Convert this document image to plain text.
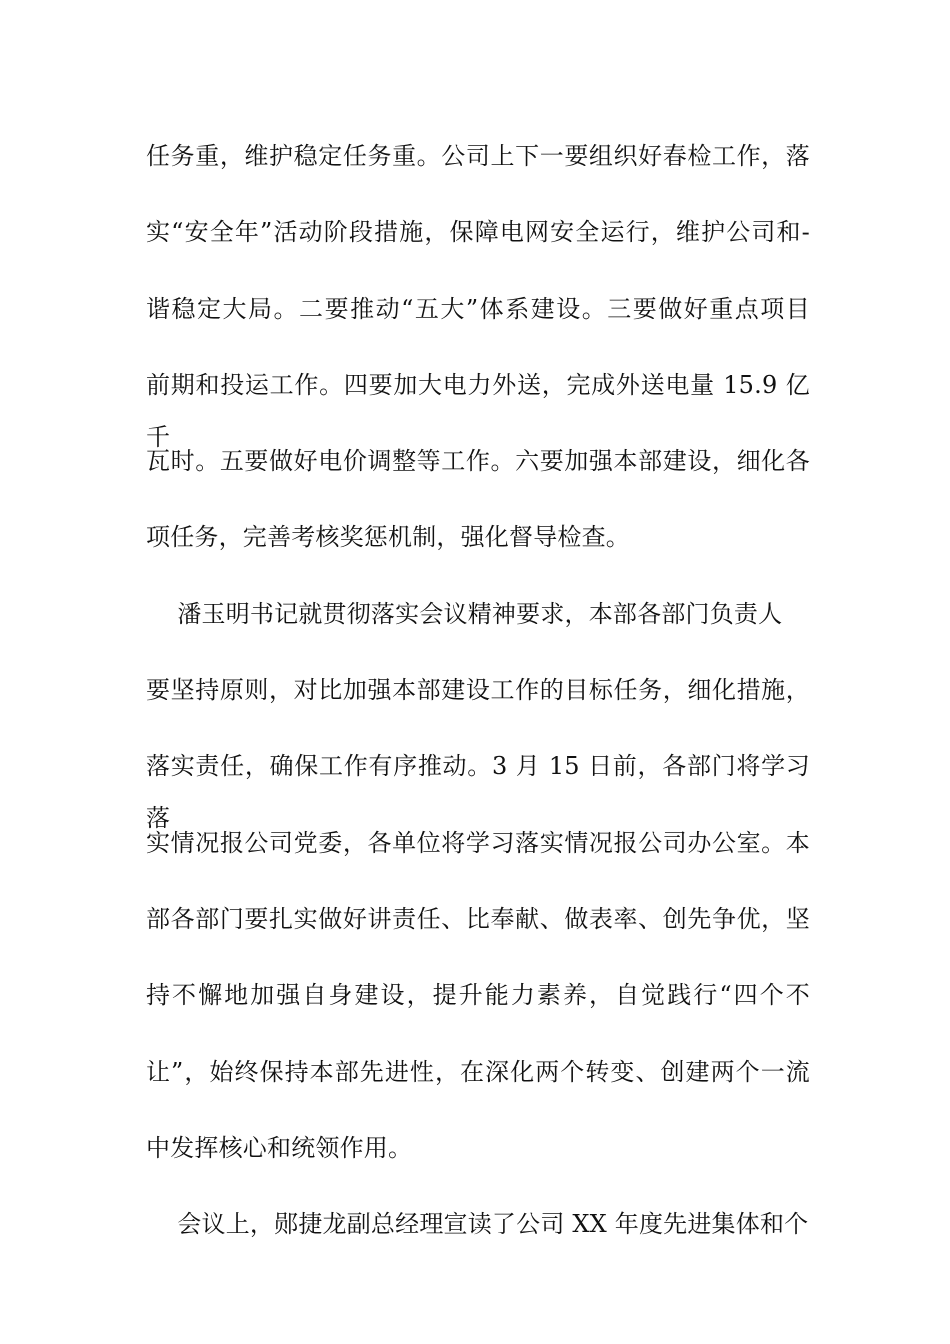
任务重，维护稳定任务重。公司上下一要组织好春检工作，落
实“安全年”活动阶段措施，保障电网安全运行，维护公司和-
谐稳定大局。二要推动“五大”体系建设。三要做好重点项目
前期和投运工作。四要加大电力外送，完成外送电量 15.9 亿千
瓦时。五要做好电价调整等工作。六要加强本部建设，细化各
项任务，完善考核奖惩机制，强化督导检查。
潘玉明书记就贯彻落实会议精神要求，本部各部门负责人
要坚持原则，对比加强本部建设工作的目标任务，细化措施，
落实责任，确保工作有序推动。3 月 15 日前，各部门将学习落
实情况报公司党委，各单位将学习落实情况报公司办公室。本
部各部门要扎实做好讲责任、比奉献、做表率、创先争优，坚
持不懈地加强自身建设，提升能力素养，自觉践行“四个不
让”，始终保持本部先进性，在深化两个转变、创建两个一流
中发挥核心和统领作用。
会议上，郧捷龙副总经理宣读了公司 XX 年度先进集体和个
